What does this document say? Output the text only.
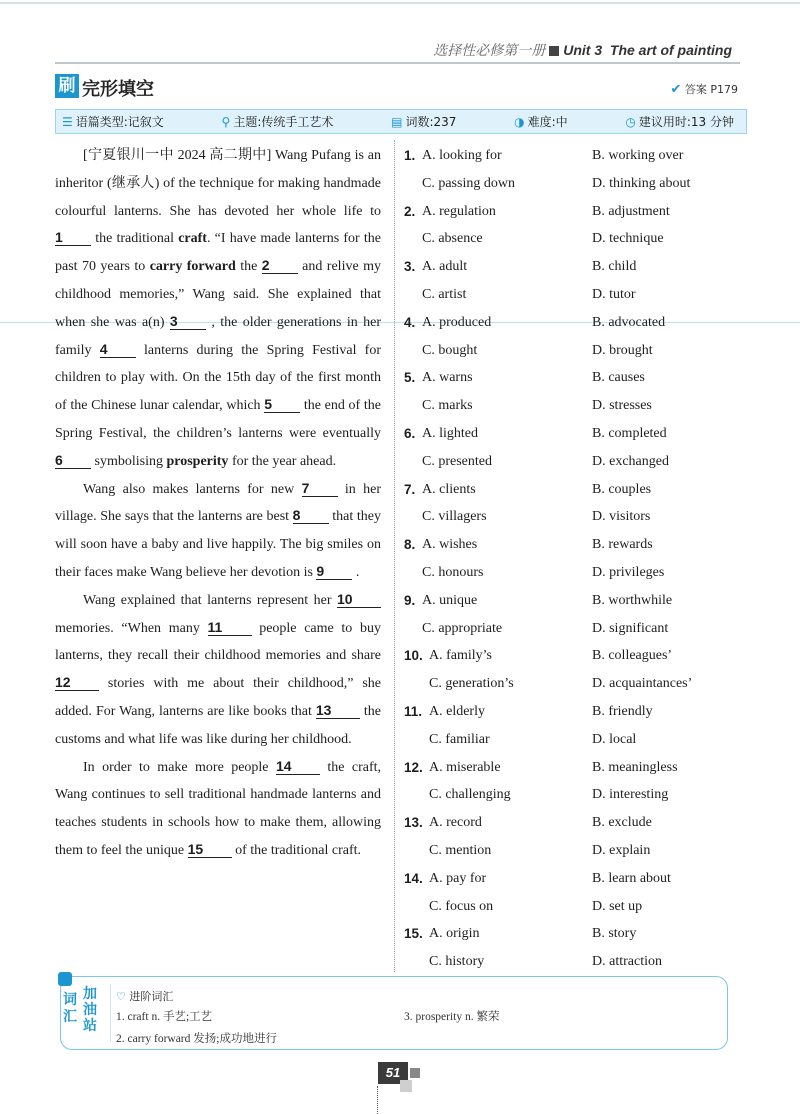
选择性必修第一册 Unit 3 The art of painting
刷 完形填空	✔ 答案 P179
☰ 语篇类型:记叙文	⚲ 主题:传统手工艺术	▤ 词数:237	◑ 难度:中	◷ 建议用时:13 分钟

[宁夏银川一中 2024 高二期中] Wang Pufang is an inheritor (继承人) of the technique for making handmade colourful lanterns. She has devoted her whole life to 1 the traditional craft. “I have made lanterns for the past 70 years to carry forward the 2 and relive my childhood memories,” Wang said. She explained that when she was a(n) 3 , the older generations in her family 4 lanterns during the Spring Festival for children to play with. On the 15th day of the first month of the Chinese lunar calendar, which 5 the end of the Spring Festival, the children’s lanterns were eventually 6 symbolising prosperity for the year ahead.

Wang also makes lanterns for new 7 in her village. She says that the lanterns are best 8 that they will soon have a baby and live happily. The big smiles on their faces make Wang believe her devotion is 9 .

Wang explained that lanterns represent her 10 memories. “When many 11 people came to buy lanterns, they recall their childhood memories and share 12 stories with me about their childhood,” she added. For Wang, lanterns are like books that 13 the customs and what life was like during her childhood.

In order to make more people 14 the craft, Wang continues to sell traditional handmade lanterns and teaches students in schools how to make them, allowing them to feel the unique 15 of the traditional craft.

1. A. looking for	B. working over
C. passing down	D. thinking about
2. A. regulation	B. adjustment
C. absence	D. technique
3. A. adult	B. child
C. artist	D. tutor
4. A. produced	B. advocated
C. bought	D. brought
5. A. warns	B. causes
C. marks	D. stresses
6. A. lighted	B. completed
C. presented	D. exchanged
7. A. clients	B. couples
C. villagers	D. visitors
8. A. wishes	B. rewards
C. honours	D. privileges
9. A. unique	B. worthwhile
C. appropriate	D. significant
10. A. family’s	B. colleagues’
C. generation’s	D. acquaintances’
11. A. elderly	B. friendly
C. familiar	D. local
12. A. miserable	B. meaningless
C. challenging	D. interesting
13. A. record	B. exclude
C. mention	D. explain
14. A. pay for	B. learn about
C. focus on	D. set up
15. A. origin	B. story
C. history	D. attraction
词汇
加油站
♡ 进阶词汇
1. craft n. 手艺;工艺
2. carry forward 发扬;成功地进行
3. prosperity n. 繁荣
51
